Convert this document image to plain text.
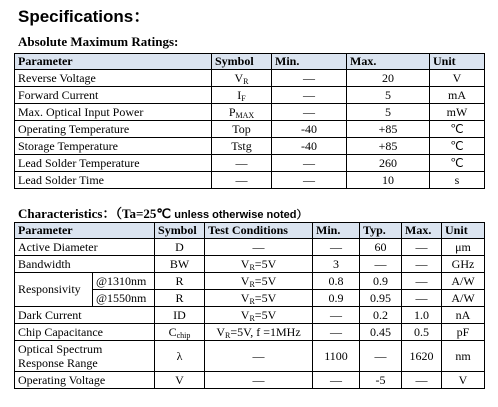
Specifications：
Absolute Maximum Ratings:
Parameter	Symbol	Min.	Max.	Unit
Reverse Voltage	$V_R$	—	20	V
Forward Current	$I_F$	—	5	mA
Max. Optical Input Power	$P_{MAX}$	—	5	mW
Operating Temperature	Top	-40	+85	℃
Storage Temperature	Tstg	-40	+85	℃
Lead Solder Temperature	—	—	260	℃
Lead Solder Time	—	—	10	s
Characteristics：（Ta=25℃ unless otherwise noted）
Parameter		Symbol	Test Conditions	Min.	Typ.	Max.	Unit
Active Diameter		D	—	—	60	—	μm
Bandwidth		BW	$V_R=5V$	3	—	—	GHz
Responsivity	@1310nm	R	$V_R=5V$	0.8	0.9	—	A/W
	@1550nm	R	$V_R=5V$	0.9	0.95	—	A/W
Dark Current		ID	$V_R=5V$	—	0.2	1.0	nA
Chip Capacitance		$C_{chip}$	$V_R=5V$, f =1MHz	—	0.45	0.5	pF
Optical Spectrum Response Range		λ	—	1100	—	1620	nm
Operating Voltage		V	—	—	-5	—	V
